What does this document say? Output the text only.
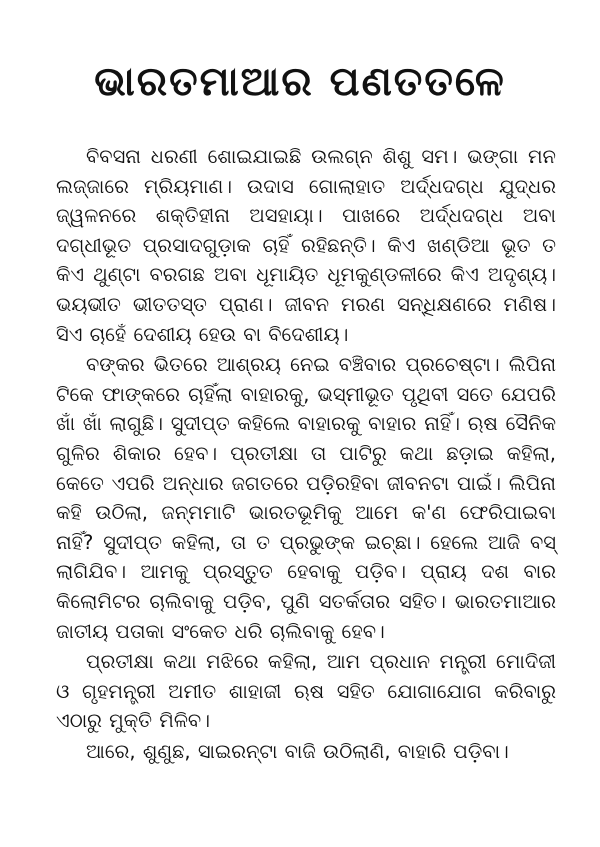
ଭାରତମାଆର ପଣତତଳେ

ବିବସନା ଧରଣୀ ଶୋଇଯାଇଛି ଉଲଗ୍ନ ଶିଶୁ ସମ। ଭଙ୍ଗା ମନ ଲଜ୍ଜାରେ ମ୍ରିୟମାଣ। ଉଦାସ ଗୋଲାହାତ ଅର୍ଦ୍ଧଦଗ୍ଧ ଯୁଦ୍ଧର ଜ୍ୱଳନରେ ଶକ୍ତିହୀନା ଅସହାୟା। ପାଖରେ ଅର୍ଦ୍ଧଦଗ୍ଧ ଅବା ଦଗ୍ଧୀଭୂତ ପ୍ରସାଦଗୁଡ଼ାକ ଚାହିଁ ରହିଛନ୍ତି। କିଏ ଖଣ୍ଡିଆ ଭୂତ ତ କିଏ ଥୁଣ୍ଟା ବରଗଛ ଅବା ଧୂମାୟିତ ଧୂମକୁଣ୍ଡଳୀରେ କିଏ ଅଦୃଶ୍ୟ। ଭୟଭୀତ ଭୀତତସ୍ତ ପ୍ରାଣ। ଜୀବନ ମରଣ ସନ୍ଧିକ୍ଷଣରେ ମଣିଷ। ସିଏ ଚାହେଁ ଦେଶୀୟ ହେଉ ବା ବିଦେଶୀୟ।

ବଙ୍କର ଭିତରେ ଆଶ୍ରୟ ନେଇ ବଞ୍ଚିବାର ପ୍ରଚେଷ୍ଟା। ଲିପିନା ଟିକେ ଫାଙ୍କରେ ଚାହିଁଲା ବାହାରକୁ, ଭସ୍ମୀଭୂତ ପୃଥିବୀ ସତେ ଯେପରି ଖାଁ ଖାଁ ଲାଗୁଛି। ସୁଦୀପ୍ତ କହିଲେ ବାହାରକୁ ବାହାର ନାହିଁ। ଋଷ ସୈନିକ ଗୁଳିର ଶିକାର ହେବ। ପ୍ରତୀକ୍ଷା ତା ପାଟିରୁ କଥା ଛଡ଼ାଇ କହିଲା, କେତେ ଏପରି ଅନ୍ଧାର ଜଗତରେ ପଡ଼ିରହିବା ଜୀବନଟା ପାଇଁ। ଲିପିନା କହି ଉଠିଲା, ଜନ୍ମମାଟି ଭାରତଭୂମିକୁ ଆମେ କ'ଣ ଫେରିପାଇବା ନାହିଁ? ସୁଦୀପ୍ତ କହିଲା, ତା ତ ପ୍ରଭୁଙ୍କ ଇଚ୍ଛା। ହେଲେ ଆଜି ବସ୍ ଲାଗିଯିବ। ଆମକୁ ପ୍ରସ୍ତୁତ ହେବାକୁ ପଡ଼ିବ। ପ୍ରାୟ ଦଶ ବାର କିଲୋମିଟର ଚାଲିବାକୁ ପଡ଼ିବ, ପୁଣି ସତର୍କତାର ସହିତ। ଭାରତମାଆର ଜାତୀୟ ପତାକା ସଂକେତ ଧରି ଚାଲିବାକୁ ହେବ।

ପ୍ରତୀକ୍ଷା କଥା ମଝିରେ କହିଲା, ଆମ ପ୍ରଧାନ ମନ୍ତ୍ରୀ ମୋଦିଜୀ ଓ ଗୃହମନ୍ତ୍ରୀ ଅମୀତ ଶାହାଜୀ ଋଷ ସହିତ ଯୋଗାଯୋଗ କରିବାରୁ ଏଠାରୁ ମୁକ୍ତି ମିଳିବ।

ଆରେ, ଶୁଣୁଛ, ସାଇରନ୍‌ଟା ବାଜି ଉଠିଲାଣି, ବାହାରି ପଡ଼ିବା।
